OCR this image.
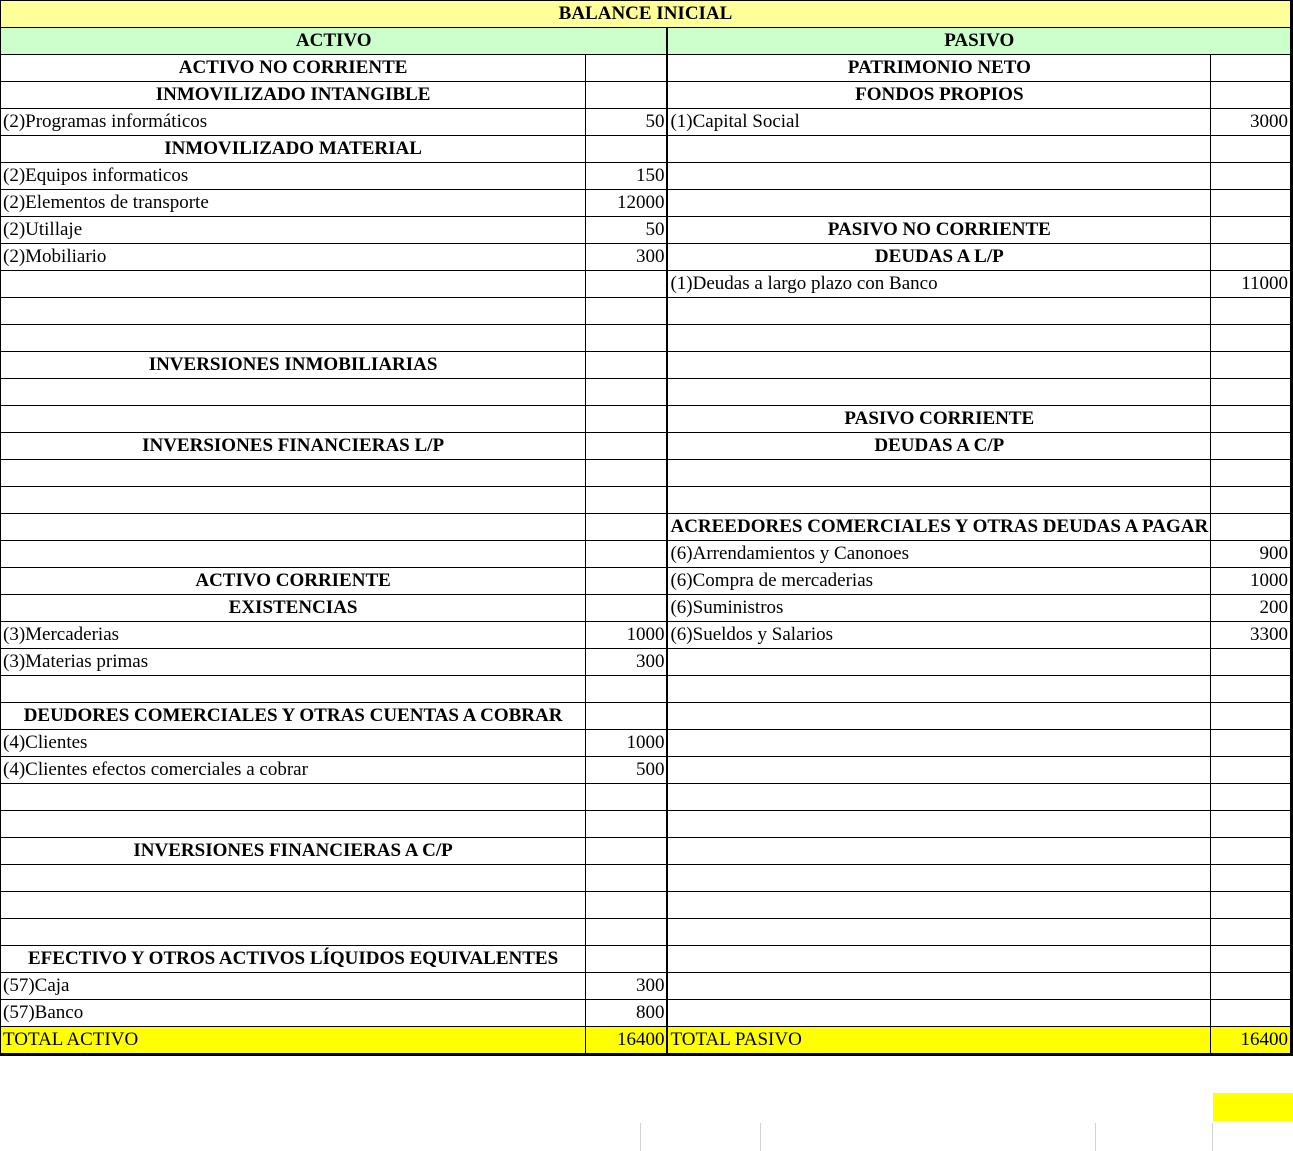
BALANCE INICIAL			
ACTIVO		PASIVO	
ACTIVO NO CORRIENTE		PATRIMONIO NETO	
INMOVILIZADO INTANGIBLE		FONDOS PROPIOS	
(2)Programas informáticos	50	(1)Capital Social	3000
INMOVILIZADO MATERIAL			
(2)Equipos informaticos	150		
(2)Elementos de transporte	12000		
(2)Utillaje	50	PASIVO NO CORRIENTE	
(2)Mobiliario	300	DEUDAS A L/P	
		(1)Deudas a largo plazo con Banco	11000

INVERSIONES INMOBILIARIAS			

		PASIVO CORRIENTE	
INVERSIONES FINANCIERAS L/P		DEUDAS A C/P	

		ACREEDORES COMERCIALES Y OTRAS DEUDAS A PAGAR	
		(6)Arrendamientos y Canonoes	900
ACTIVO CORRIENTE		(6)Compra de mercaderias	1000
EXISTENCIAS		(6)Suministros	200
(3)Mercaderias	1000	(6)Sueldos y Salarios	3300
(3)Materias primas	300		

DEUDORES COMERCIALES Y OTRAS CUENTAS A COBRAR			
(4)Clientes	1000		
(4)Clientes efectos comerciales a cobrar	500		

INVERSIONES FINANCIERAS A C/P			

EFECTIVO Y OTROS ACTIVOS LÍQUIDOS EQUIVALENTES			
(57)Caja	300		
(57)Banco	800		
TOTAL ACTIVO	16400	TOTAL PASIVO	16400
